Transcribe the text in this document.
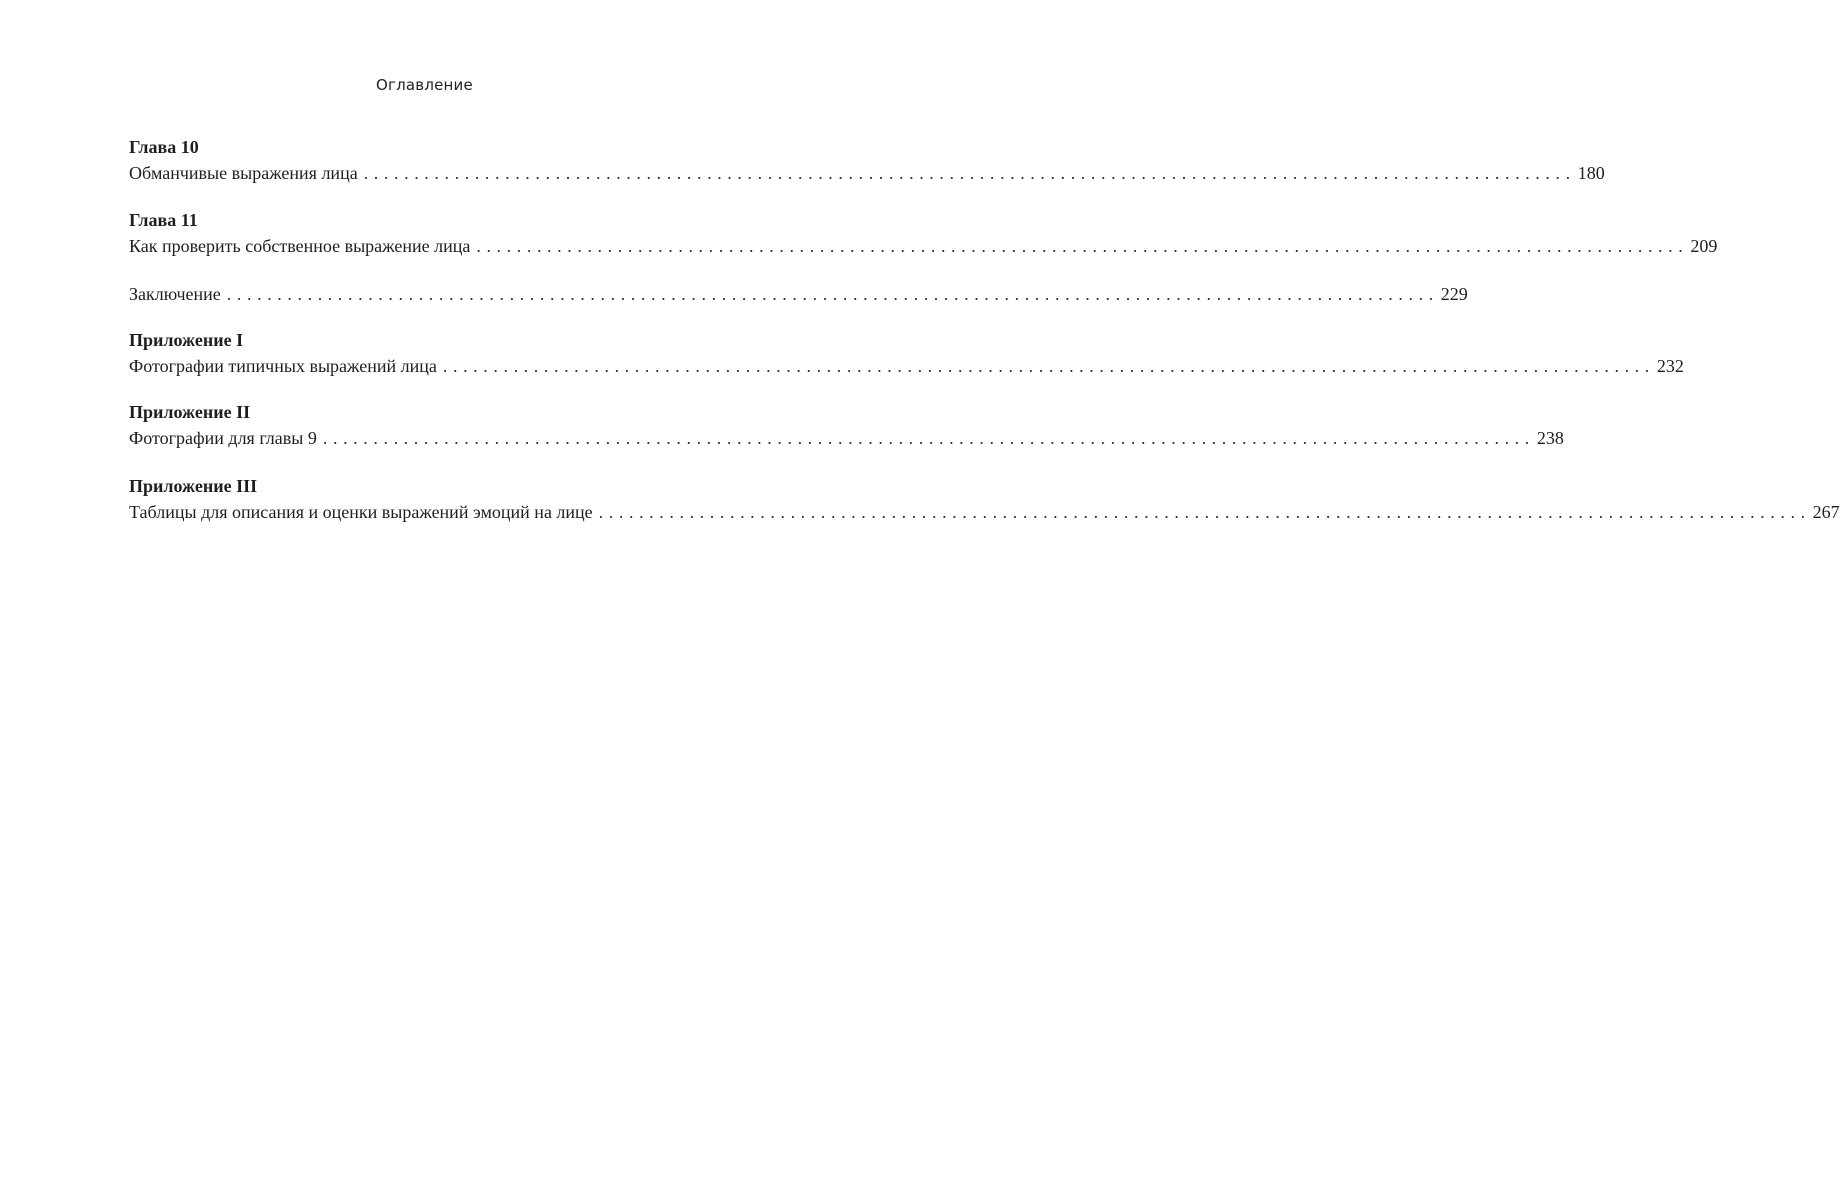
Оглавление
Глава 10
Обманчивые выражения лица ........................................................................................................................ 180
Глава 11
Как проверить собственное выражение лица ........................................................................................................................ 209
Заключение ........................................................................................................................ 229
Приложение I
Фотографии типичных выражений лица ........................................................................................................................ 232
Приложение II
Фотографии для главы 9 ........................................................................................................................ 238
Приложение III
Таблицы для описания и оценки выражений эмоций на лице ........................................................................................................................ 267
